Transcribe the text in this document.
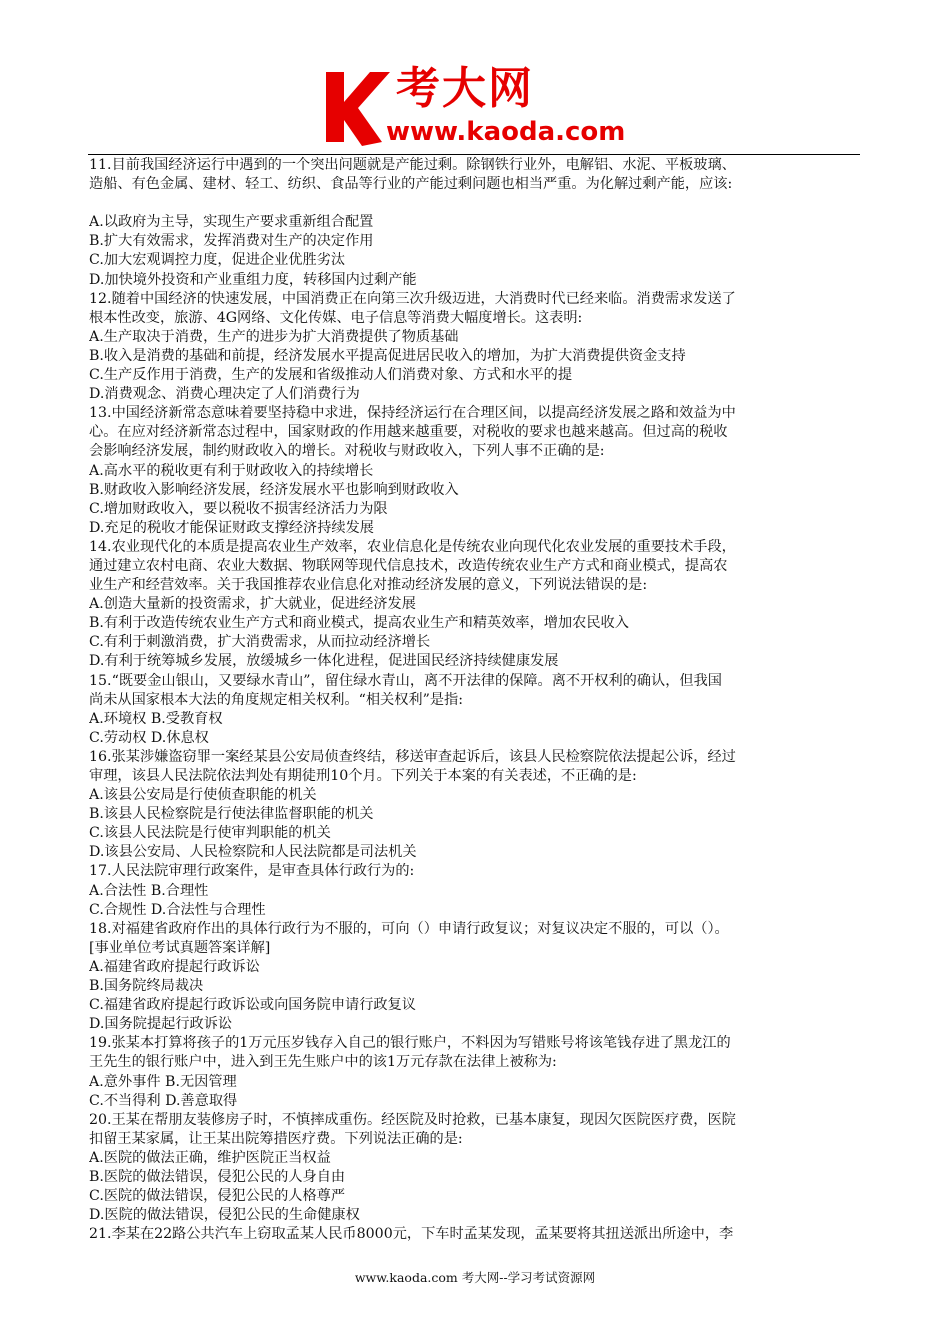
考大网
www.kaoda.com
11.目前我国经济运行中遇到的一个突出问题就是产能过剩。除钢铁行业外，电解铝、水泥、平板玻璃、
造船、有色金属、建材、轻工、纺织、食品等行业的产能过剩问题也相当严重。为化解过剩产能，应该:
A.以政府为主导，实现生产要求重新组合配置
B.扩大有效需求，发挥消费对生产的决定作用
C.加大宏观调控力度，促进企业优胜劣汰
D.加快境外投资和产业重组力度，转移国内过剩产能
12.随着中国经济的快速发展，中国消费正在向第三次升级迈进，大消费时代已经来临。消费需求发送了
根本性改变，旅游、4G网络、文化传媒、电子信息等消费大幅度增长。这表明:
A.生产取决于消费，生产的进步为扩大消费提供了物质基础
B.收入是消费的基础和前提，经济发展水平提高促进居民收入的增加，为扩大消费提供资金支持
C.生产反作用于消费，生产的发展和省级推动人们消费对象、方式和水平的提
D.消费观念、消费心理决定了人们消费行为
13.中国经济新常态意味着要坚持稳中求进，保持经济运行在合理区间，以提高经济发展之路和效益为中
心。在应对经济新常态过程中，国家财政的作用越来越重要，对税收的要求也越来越高。但过高的税收
会影响经济发展，制约财政收入的增长。对税收与财政收入，下列人事不正确的是:
A.高水平的税收更有利于财政收入的持续增长
B.财政收入影响经济发展，经济发展水平也影响到财政收入
C.增加财政收入，要以税收不损害经济活力为限
D.充足的税收才能保证财政支撑经济持续发展
14.农业现代化的本质是提高农业生产效率，农业信息化是传统农业向现代化农业发展的重要技术手段，
通过建立农村电商、农业大数据、物联网等现代信息技术，改造传统农业生产方式和商业模式，提高农
业生产和经营效率。关于我国推荐农业信息化对推动经济发展的意义，下列说法错误的是:
A.创造大量新的投资需求，扩大就业，促进经济发展
B.有利于改造传统农业生产方式和商业模式，提高农业生产和精英效率，增加农民收入
C.有利于刺激消费，扩大消费需求，从而拉动经济增长
D.有利于统筹城乡发展，放缓城乡一体化进程，促进国民经济持续健康发展
15.“既要金山银山，又要绿水青山”，留住绿水青山，离不开法律的保障。离不开权利的确认，但我国
尚未从国家根本大法的角度规定相关权利。“相关权利”是指:
A.环境权 B.受教育权
C.劳动权 D.休息权
16.张某涉嫌盗窃罪一案经某县公安局侦查终结，移送审查起诉后，该县人民检察院依法提起公诉，经过
审理，该县人民法院依法判处有期徒刑10个月。下列关于本案的有关表述，不正确的是:
A.该县公安局是行使侦查职能的机关
B.该县人民检察院是行使法律监督职能的机关
C.该县人民法院是行使审判职能的机关
D.该县公安局、人民检察院和人民法院都是司法机关
17.人民法院审理行政案件，是审查具体行政行为的:
A.合法性 B.合理性
C.合规性 D.合法性与合理性
18.对福建省政府作出的具体行政行为不服的，可向（）申请行政复议；对复议决定不服的，可以（）。
[事业单位考试真题答案详解]
A.福建省政府提起行政诉讼
B.国务院终局裁决
C.福建省政府提起行政诉讼或向国务院申请行政复议
D.国务院提起行政诉讼
19.张某本打算将孩子的1万元压岁钱存入自己的银行账户，不料因为写错账号将该笔钱存进了黑龙江的
王先生的银行账户中，进入到王先生账户中的该1万元存款在法律上被称为:
A.意外事件 B.无因管理
C.不当得利 D.善意取得
20.王某在帮朋友装修房子时，不慎摔成重伤。经医院及时抢救，已基本康复，现因欠医院医疗费，医院
扣留王某家属，让王某出院筹措医疗费。下列说法正确的是:
A.医院的做法正确，维护医院正当权益
B.医院的做法错误，侵犯公民的人身自由
C.医院的做法错误，侵犯公民的人格尊严
D.医院的做法错误，侵犯公民的生命健康权
21.李某在22路公共汽车上窃取孟某人民币8000元，下车时孟某发现，孟某要将其扭送派出所途中，李
www.kaoda.com 考大网--学习考试资源网
